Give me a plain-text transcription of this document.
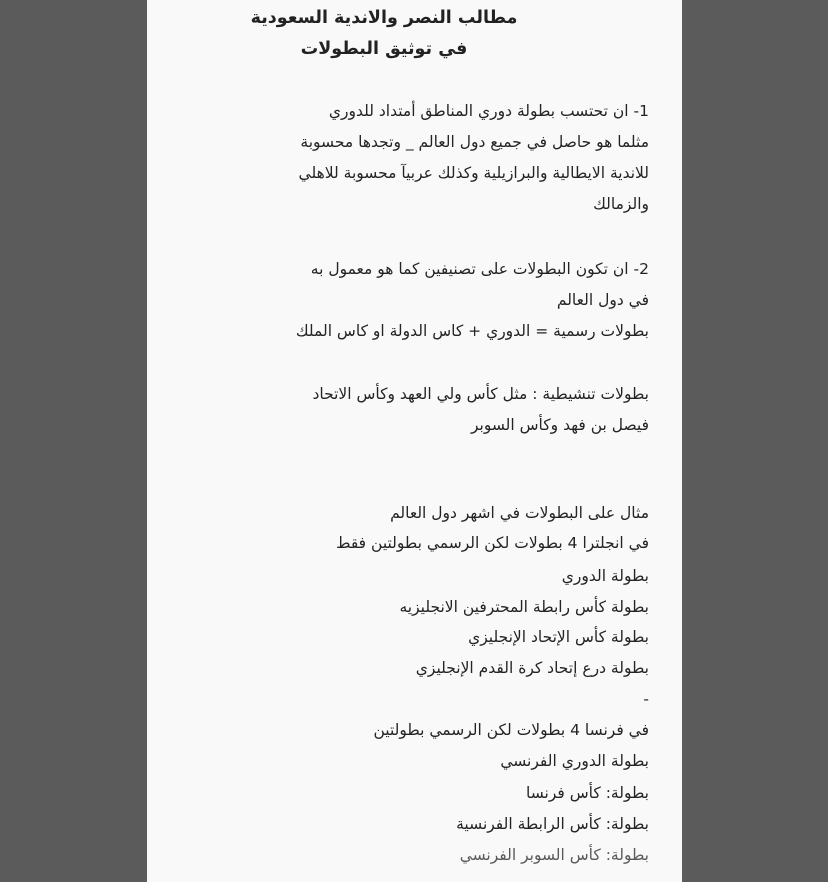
مطالب النصر والاندية السعودية

في توثيق البطولات

1- ان تحتسب بطولة دوري المناطق أمتداد للدوري

مثلما هو حاصل في جميع دول العالم _ وتجدها محسوبة

للاندية الايطالية والبرازيلية وكذلك عربيآ محسوبة للاهلي

والزمالك

2- ان تكون البطولات على تصنيفين كما هو معمول به

في دول العالم

بطولات رسمية = الدوري + كاس الدولة او كاس الملك

بطولات تنشيطية : مثل كأس ولي العهد وكأس الاتحاد

فيصل بن فهد وكأس السوبر

مثال على البطولات في اشهر دول العالم

في انجلترا 4 بطولات لكن الرسمي بطولتين فقط

بطولة الدوري

بطولة كأس رابطة المحترفين الانجليزيه

بطولة كأس الإتحاد الإنجليزي

بطولة درع إتحاد كرة القدم الإنجليزي

-

في فرنسا 4 بطولات لكن الرسمي بطولتين

بطولة الدوري الفرنسي

بطولة: كأس فرنسا

بطولة: كأس الرابطة الفرنسية

بطولة: كأس السوبر الفرنسي
